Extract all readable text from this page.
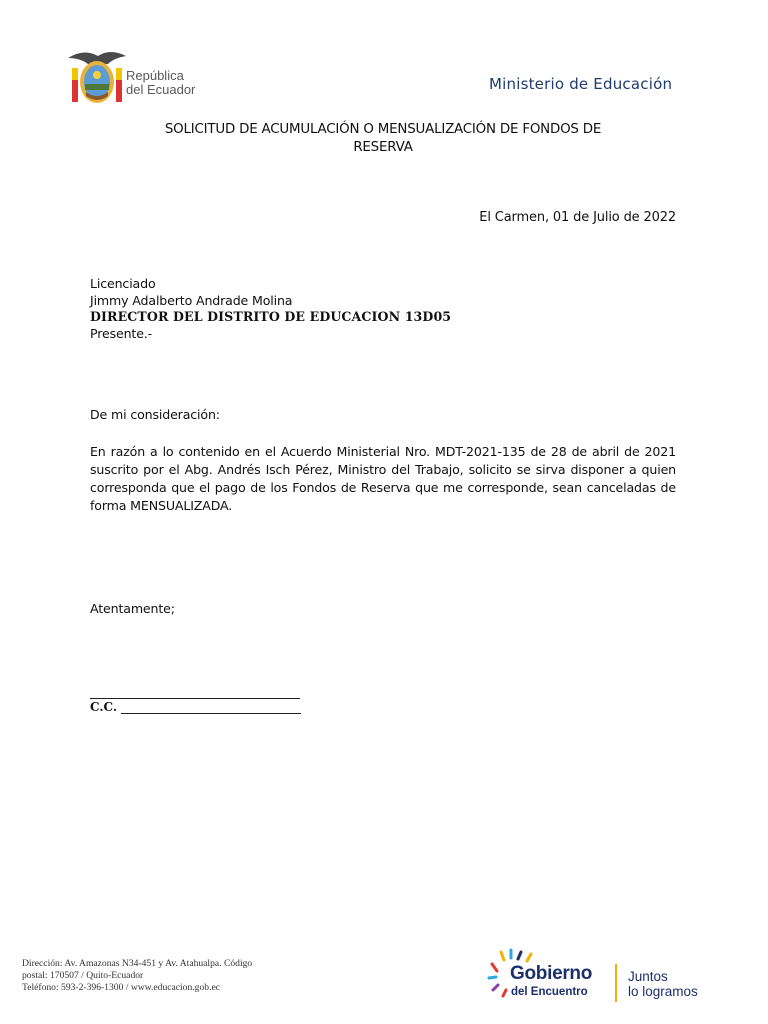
República
del Ecuador	Ministerio de Educación
SOLICITUD DE ACUMULACIÓN O MENSUALIZACIÓN DE FONDOS DE
RESERVA
El Carmen, 01 de Julio de 2022
Licenciado
Jimmy Adalberto Andrade Molina
DIRECTOR DEL DISTRITO DE EDUCACION 13D05
Presente.-
De mi consideración:
En razón a lo contenido en el Acuerdo Ministerial Nro. MDT-2021-135 de 28 de abril de 2021 suscrito por el Abg. Andrés Isch Pérez, Ministro del Trabajo, solicito se sirva disponer a quien corresponda que el pago de los Fondos de Reserva que me corresponde, sean canceladas de forma MENSUALIZADA.
Atentamente;
C.C.
Dirección: Av. Amazonas N34-451 y Av. Atahualpa. Código
postal: 170507 / Quito-Ecuador
Teléfono: 593-2-396-1300 / www.educacion.gob.ec
Gobierno
del Encuentro
Juntos
lo logramos
